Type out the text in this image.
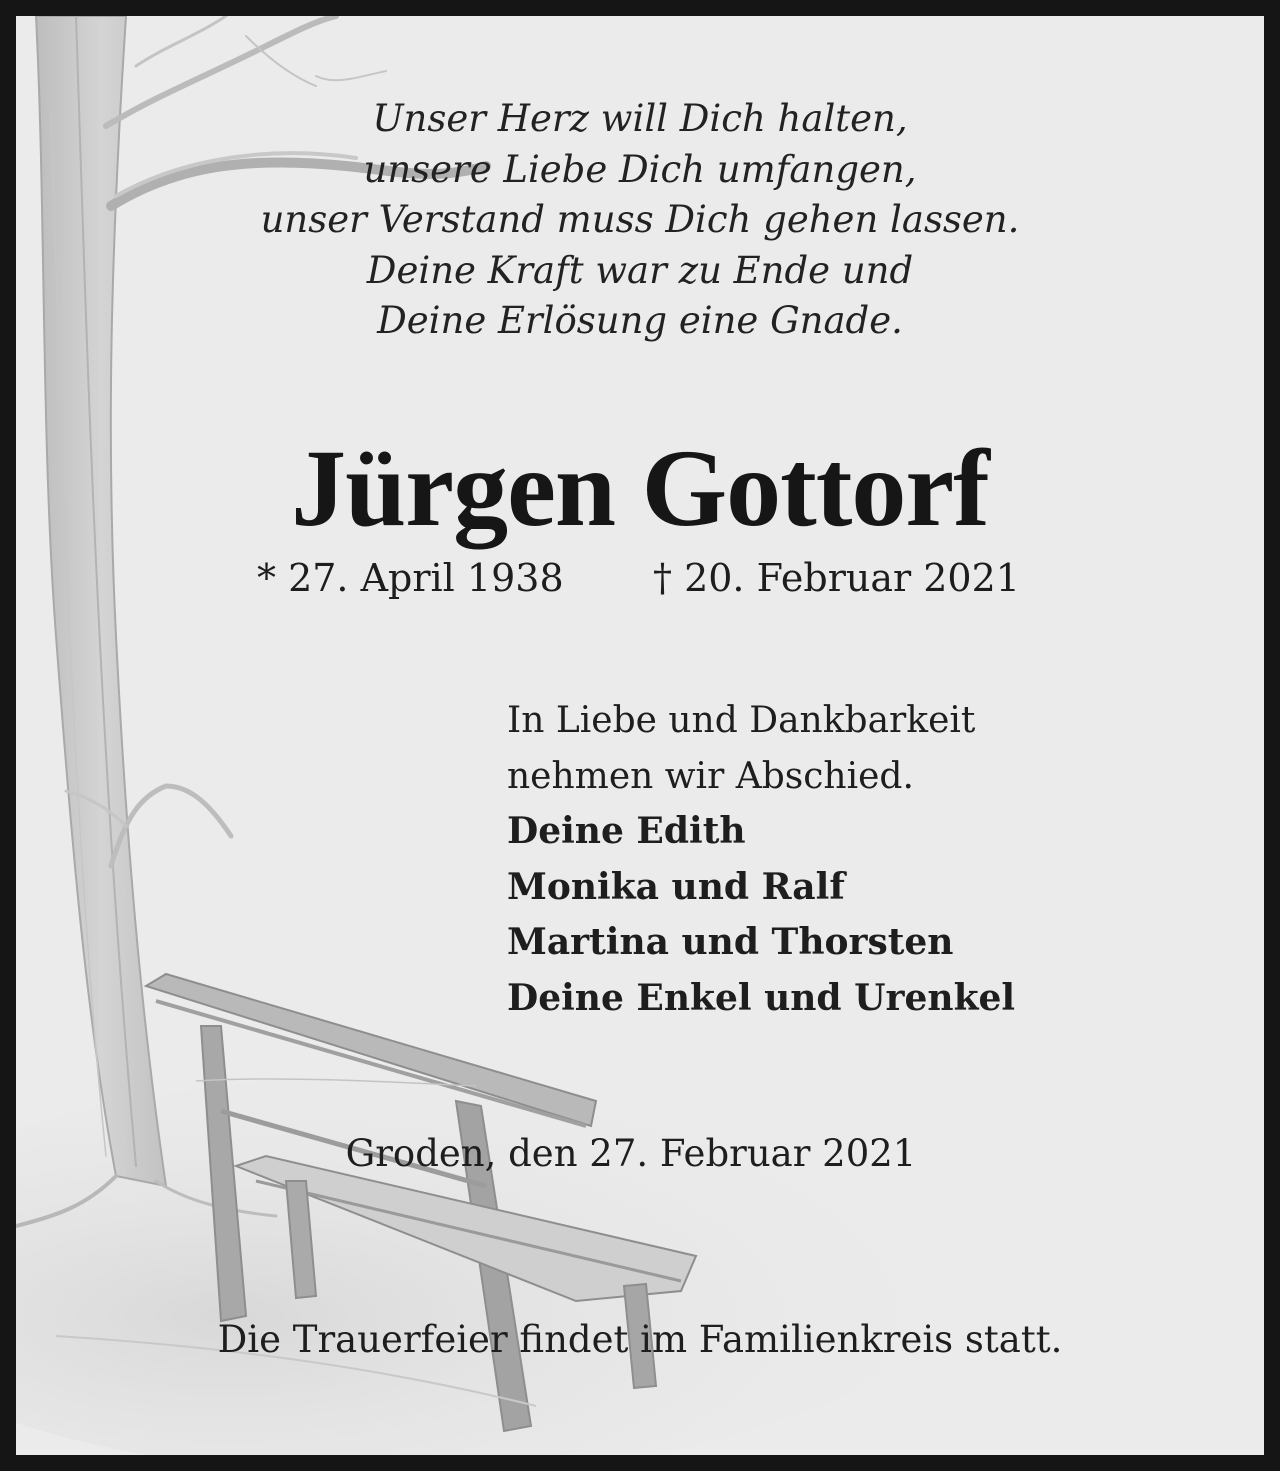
Unser Herz will Dich halten,
unsere Liebe Dich umfangen,
unser Verstand muss Dich gehen lassen.
Deine Kraft war zu Ende und
Deine Erlösung eine Gnade.
Jürgen Gottorf
* 27. April 1938 † 20. Februar 2021
In Liebe und Dankbarkeit
nehmen wir Abschied.
Deine Edith
Monika und Ralf
Martina und Thorsten
Deine Enkel und Urenkel
Groden, den 27. Februar 2021
Die Trauerfeier findet im Familienkreis statt.
